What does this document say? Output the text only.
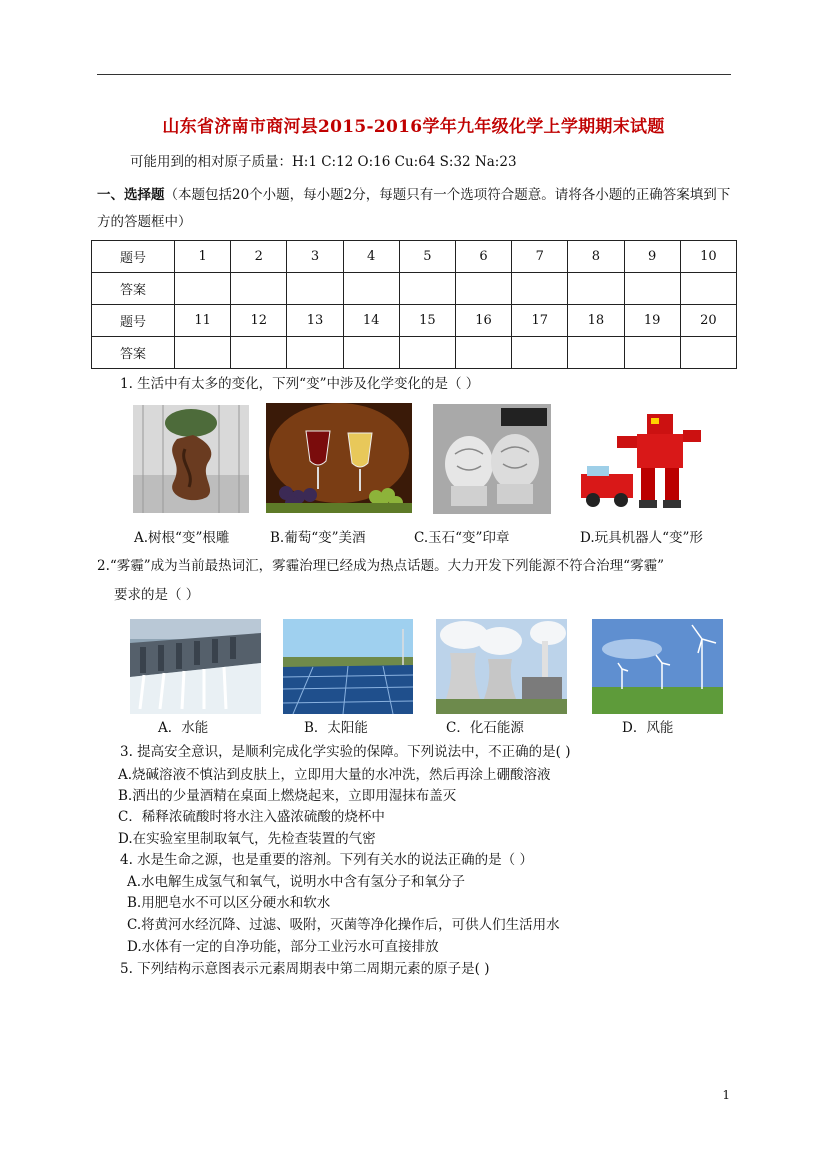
山东省济南市商河县2015-2016学年九年级化学上学期期末试题
可能用到的相对原子质量：H:1 C:12 O:16 Cu:64 S:32 Na:23
一、选择题（本题包括20个小题，每小题2分，每题只有一个选项符合题意。请将各小题的正确答案填到下方的答题框中）
题号	1	2	3	4	5	6	7	8	9	10
答案										
题号	11	12	13	14	15	16	17	18	19	20
答案										
1. 生活中有太多的变化，下列“变”中涉及化学变化的是（ ）
A.树根“变”根雕	B.葡萄“变”美酒	C.玉石“变”印章	D.玩具机器人“变”形
2.“雾霾”成为当前最热词汇，雾霾治理已经成为热点话题。大力开发下列能源不符合治理“雾霾”
要求的是（ ）
A．水能	B．太阳能	C．化石能源	D．风能
3. 提高安全意识，是顺利完成化学实验的保障。下列说法中，不正确的是( )
A.烧碱溶液不慎沾到皮肤上，立即用大量的水冲洗，然后再涂上硼酸溶液
B.洒出的少量酒精在桌面上燃烧起来，立即用湿抹布盖灭
C．稀释浓硫酸时将水注入盛浓硫酸的烧杯中
D.在实验室里制取氧气，先检查装置的气密
4. 水是生命之源，也是重要的溶剂。下列有关水的说法正确的是（ ）
A.水电解生成氢气和氧气，说明水中含有氢分子和氧分子
B.用肥皂水不可以区分硬水和软水
C.将黄河水经沉降、过滤、吸附，灭菌等净化操作后，可供人们生活用水
D.水体有一定的自净功能，部分工业污水可直接排放
5. 下列结构示意图表示元素周期表中第二周期元素的原子是( )
1
